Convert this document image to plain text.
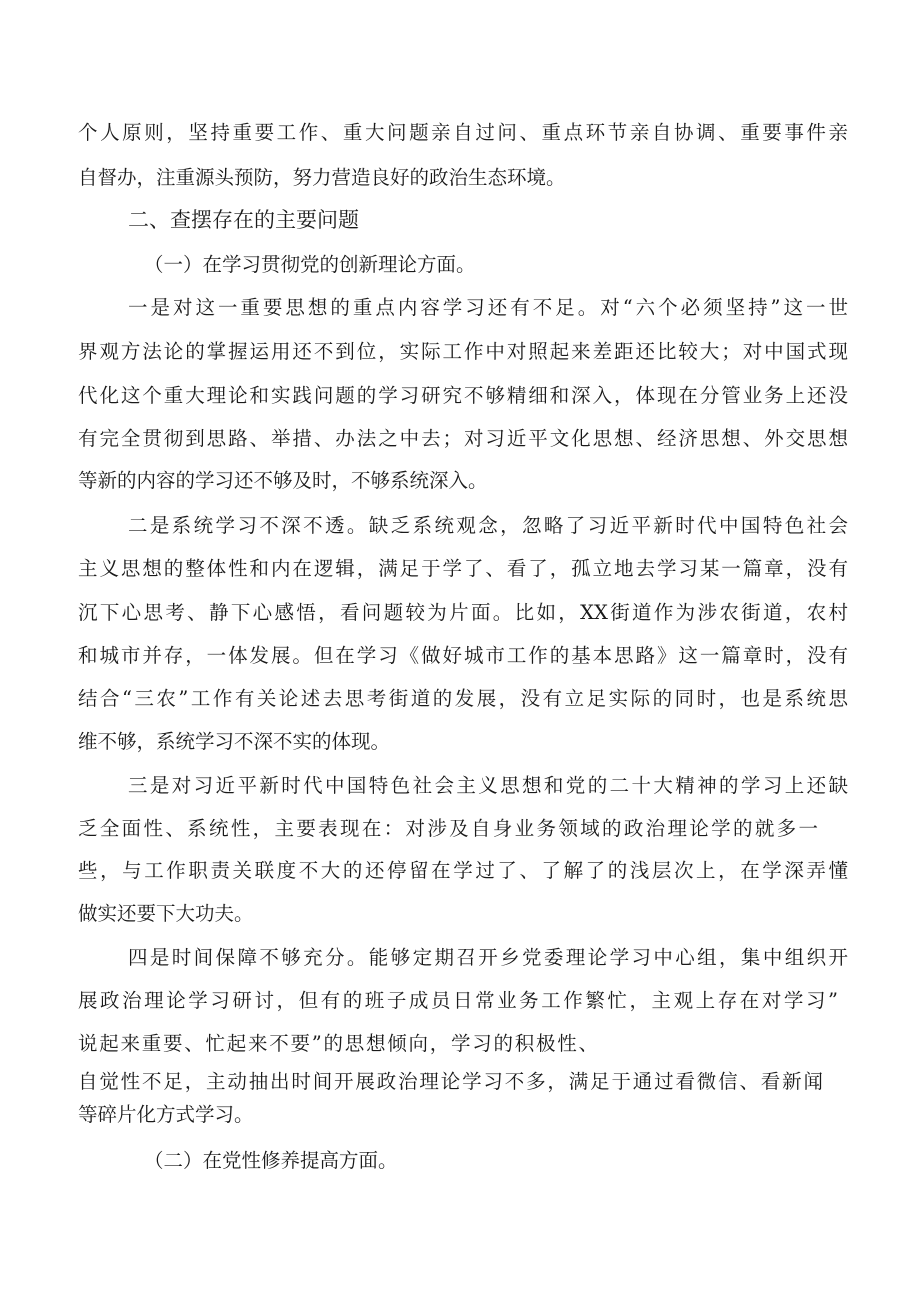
个人原则，坚持重要工作、重大问题亲自过问、重点环节亲自协调、重要事件亲
自督办，注重源头预防，努力营造良好的政治生态环境。
二、查摆存在的主要问题
（一）在学习贯彻党的创新理论方面。
一是对这一重要思想的重点内容学习还有不足。对“六个必须坚持”这一世
界观方法论的掌握运用还不到位，实际工作中对照起来差距还比较大；对中国式现
代化这个重大理论和实践问题的学习研究不够精细和深入，体现在分管业务上还没
有完全贯彻到思路、举措、办法之中去；对习近平文化思想、经济思想、外交思想
等新的内容的学习还不够及时，不够系统深入。
二是系统学习不深不透。缺乏系统观念，忽略了习近平新时代中国特色社会
主义思想的整体性和内在逻辑，满足于学了、看了，孤立地去学习某一篇章，没有
沉下心思考、静下心感悟，看问题较为片面。比如，XX街道作为涉农街道，农村
和城市并存，一体发展。但在学习《做好城市工作的基本思路》这一篇章时，没有
结合“三农”工作有关论述去思考街道的发展，没有立足实际的同时，也是系统思
维不够，系统学习不深不实的体现。
三是对习近平新时代中国特色社会主义思想和党的二十大精神的学习上还缺
乏全面性、系统性，主要表现在：对涉及自身业务领域的政治理论学的就多一
些，与工作职责关联度不大的还停留在学过了、了解了的浅层次上，在学深弄懂
做实还要下大功夫。
四是时间保障不够充分。能够定期召开乡党委理论学习中心组，集中组织开
展政治理论学习研讨，但有的班子成员日常业务工作繁忙，主观上存在对学习”
说起来重要、忙起来不要”的思想倾向，学习的积极性、
自觉性不足，主动抽出时间开展政治理论学习不多，满足于通过看微信、看新闻
等碎片化方式学习。
（二）在党性修养提高方面。
